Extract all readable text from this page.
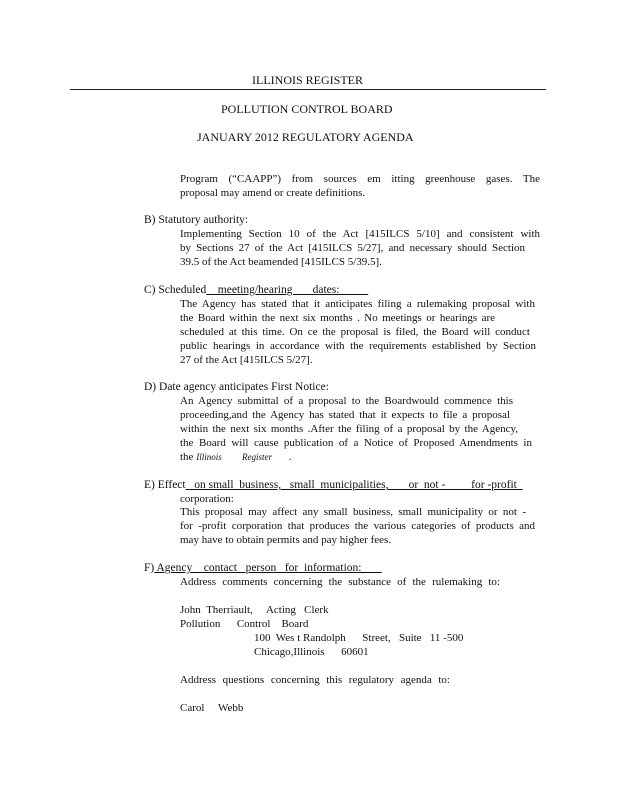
ILLINOIS REGISTER
POLLUTION CONTROL BOARD
JANUARY 2012 REGULATORY AGENDA
Program (“CAAPP”) from sources em itting greenhouse gases. The
proposal may amend or create definitions.
B) Statutory authority:
Implementing Section 10 of the Act [415ILCS 5/10] and consistent with
by Sections 27 of the Act [415ILCS 5/27], and necessary should Section
39.5 of the Act beamended [415ILCS 5/39.5].
C) Scheduled    meeting/hearing       dates:
The Agency has stated that it anticipates filing a rulemaking proposal with
the Board within the next six months . No meetings or hearings are
scheduled at this time. On ce the proposal is filed, the Board will conduct
public hearings in accordance with the requirements established by Section
27 of the Act [415ILCS 5/27].
D) Date agency anticipates First Notice:
An Agency submittal of a proposal to the Boardwould commence this
proceeding,and the Agency has stated that it expects to file a proposal
within the next six months .After the filing of a proposal by the Agency,
the Board will cause publication of a Notice of Proposed Amendments in
the Illinois         Register .
E) Effect   on small  business,   small  municipalities,       or  not -         for -profit
corporation:
This proposal may affect any small business, small municipality or not -
for -profit corporation that produces the various categories of products and
may have to obtain permits and pay higher fees.
F) Agency    contact   person   for  information:
Address comments concerning the substance of the rulemaking to:
John  Therriault,     Acting   Clerk
Pollution      Control    Board
100  Wes t Randolph      Street,   Suite   11 -500
Chicago,Illinois      60601
Address questions concerning this regulatory agenda to:
Carol     Webb
